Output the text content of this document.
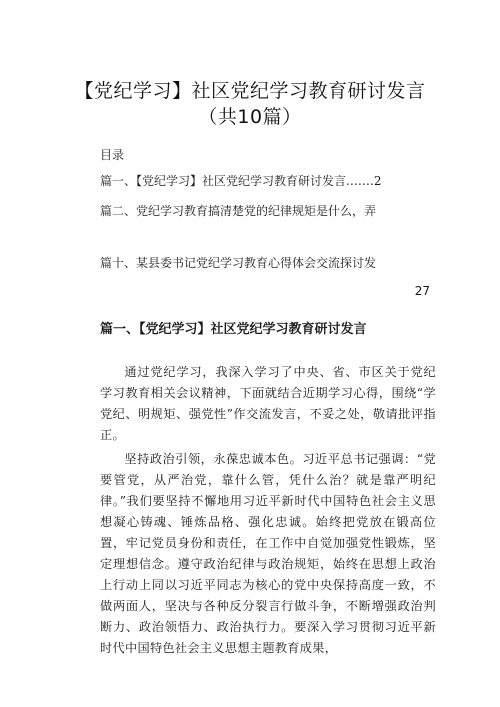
【党纪学习】社区党纪学习教育研讨发言
（共10篇）
目录
篇一、【党纪学习】社区党纪学习教育研讨发言.……2
篇二、党纪学习教育搞清楚党的纪律规矩是什么，弄
篇十、某县委书记党纪学习教育心得体会交流探讨发
27
篇一、【党纪学习】社区党纪学习教育研讨发言

通过党纪学习，我深入学习了中央、省、市区关于党纪学习教育相关会议精神，下面就结合近期学习心得，围绕“学党纪、明规矩、强党性”作交流发言，不妥之处，敬请批评指正。

坚持政治引领，永葆忠诚本色。习近平总书记强调：“党要管党，从严治党，靠什么管，凭什么治？就是靠严明纪律。”我们要坚持不懈地用习近平新时代中国特色社会主义思想凝心铸魂、锤炼品格、强化忠诚。始终把党放在锻高位置，牢记党员身份和责任，在工作中自觉加强党性锻炼，坚定理想信念。遵守政治纪律与政治规矩，始终在思想上政治上行动上同以习近平同志为核心的党中央保持高度一致，不做两面人，坚决与各种反分裂言行做斗争，不断增强政治判断力、政治领悟力、政治执行力。要深入学习贯彻习近平新时代中国特色社会主义思想主题教育成果，
